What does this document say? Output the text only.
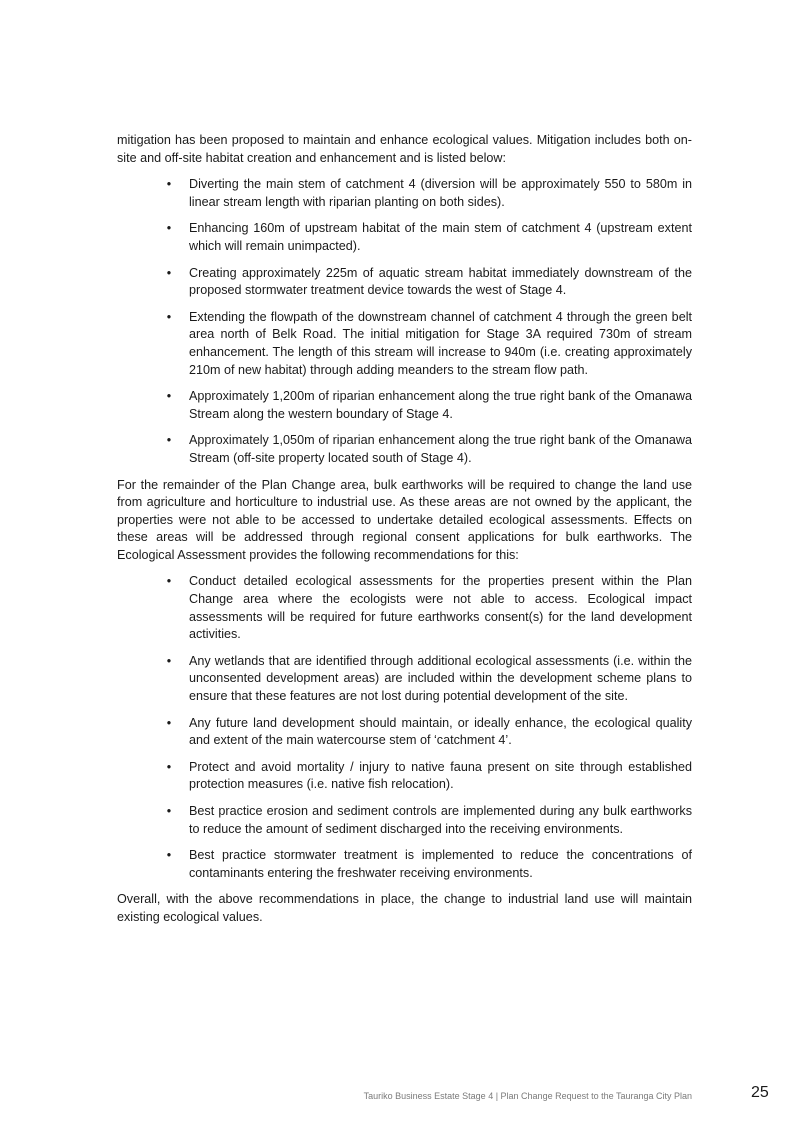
mitigation has been proposed to maintain and enhance ecological values. Mitigation includes both on-site and off-site habitat creation and enhancement and is listed below:

• Diverting the main stem of catchment 4 (diversion will be approximately 550 to 580m in linear stream length with riparian planting on both sides).
• Enhancing 160m of upstream habitat of the main stem of catchment 4 (upstream extent which will remain unimpacted).
• Creating approximately 225m of aquatic stream habitat immediately downstream of the proposed stormwater treatment device towards the west of Stage 4.
• Extending the flowpath of the downstream channel of catchment 4 through the green belt area north of Belk Road. The initial mitigation for Stage 3A required 730m of stream enhancement. The length of this stream will increase to 940m (i.e. creating approximately 210m of new habitat) through adding meanders to the stream flow path.
• Approximately 1,200m of riparian enhancement along the true right bank of the Omanawa Stream along the western boundary of Stage 4.
• Approximately 1,050m of riparian enhancement along the true right bank of the Omanawa Stream (off-site property located south of Stage 4).

For the remainder of the Plan Change area, bulk earthworks will be required to change the land use from agriculture and horticulture to industrial use. As these areas are not owned by the applicant, the properties were not able to be accessed to undertake detailed ecological assessments. Effects on these areas will be addressed through regional consent applications for bulk earthworks. The Ecological Assessment provides the following recommendations for this:

• Conduct detailed ecological assessments for the properties present within the Plan Change area where the ecologists were not able to access. Ecological impact assessments will be required for future earthworks consent(s) for the land development activities.
• Any wetlands that are identified through additional ecological assessments (i.e. within the unconsented development areas) are included within the development scheme plans to ensure that these features are not lost during potential development of the site.
• Any future land development should maintain, or ideally enhance, the ecological quality and extent of the main watercourse stem of ‘catchment 4’.
• Protect and avoid mortality / injury to native fauna present on site through established protection measures (i.e. native fish relocation).
• Best practice erosion and sediment controls are implemented during any bulk earthworks to reduce the amount of sediment discharged into the receiving environments.
• Best practice stormwater treatment is implemented to reduce the concentrations of contaminants entering the freshwater receiving environments.

Overall, with the above recommendations in place, the change to industrial land use will maintain existing ecological values.

Tauriko Business Estate Stage 4 | Plan Change Request to the Tauranga City Plan	25
